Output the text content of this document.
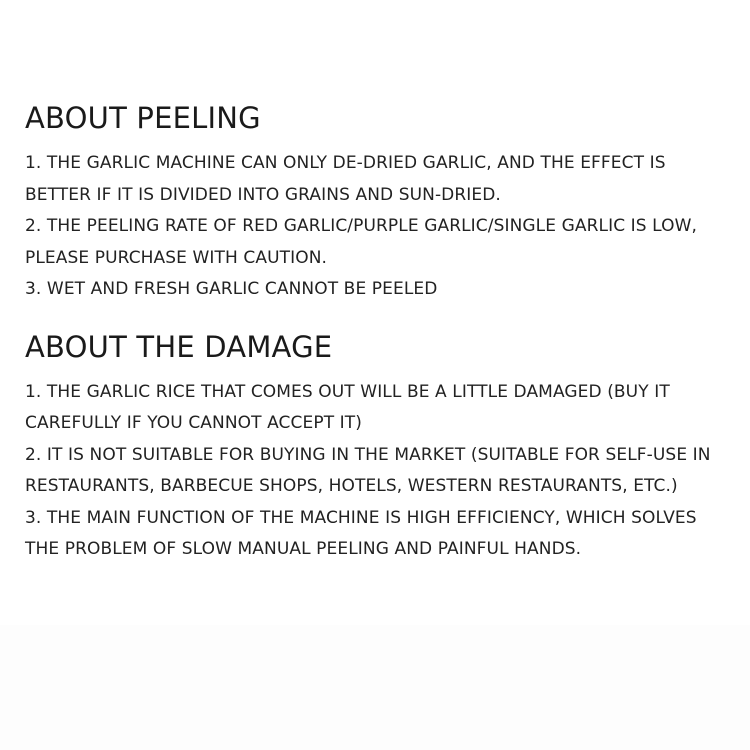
ABOUT PEELING

1. THE GARLIC MACHINE CAN ONLY DE-DRIED GARLIC, AND THE EFFECT IS BETTER IF IT IS DIVIDED INTO GRAINS AND SUN-DRIED.

2. THE PEELING RATE OF RED GARLIC/PURPLE GARLIC/SINGLE GARLIC IS LOW, PLEASE PURCHASE WITH CAUTION.

3. WET AND FRESH GARLIC CANNOT BE PEELED

ABOUT THE DAMAGE

1. THE GARLIC RICE THAT COMES OUT WILL BE A LITTLE DAMAGED (BUY IT CAREFULLY IF YOU CANNOT ACCEPT IT)

2. IT IS NOT SUITABLE FOR BUYING IN THE MARKET (SUITABLE FOR SELF-USE IN RESTAURANTS, BARBECUE SHOPS, HOTELS, WESTERN RESTAURANTS, ETC.)

3. THE MAIN FUNCTION OF THE MACHINE IS HIGH EFFICIENCY, WHICH SOLVES THE PROBLEM OF SLOW MANUAL PEELING AND PAINFUL HANDS.
